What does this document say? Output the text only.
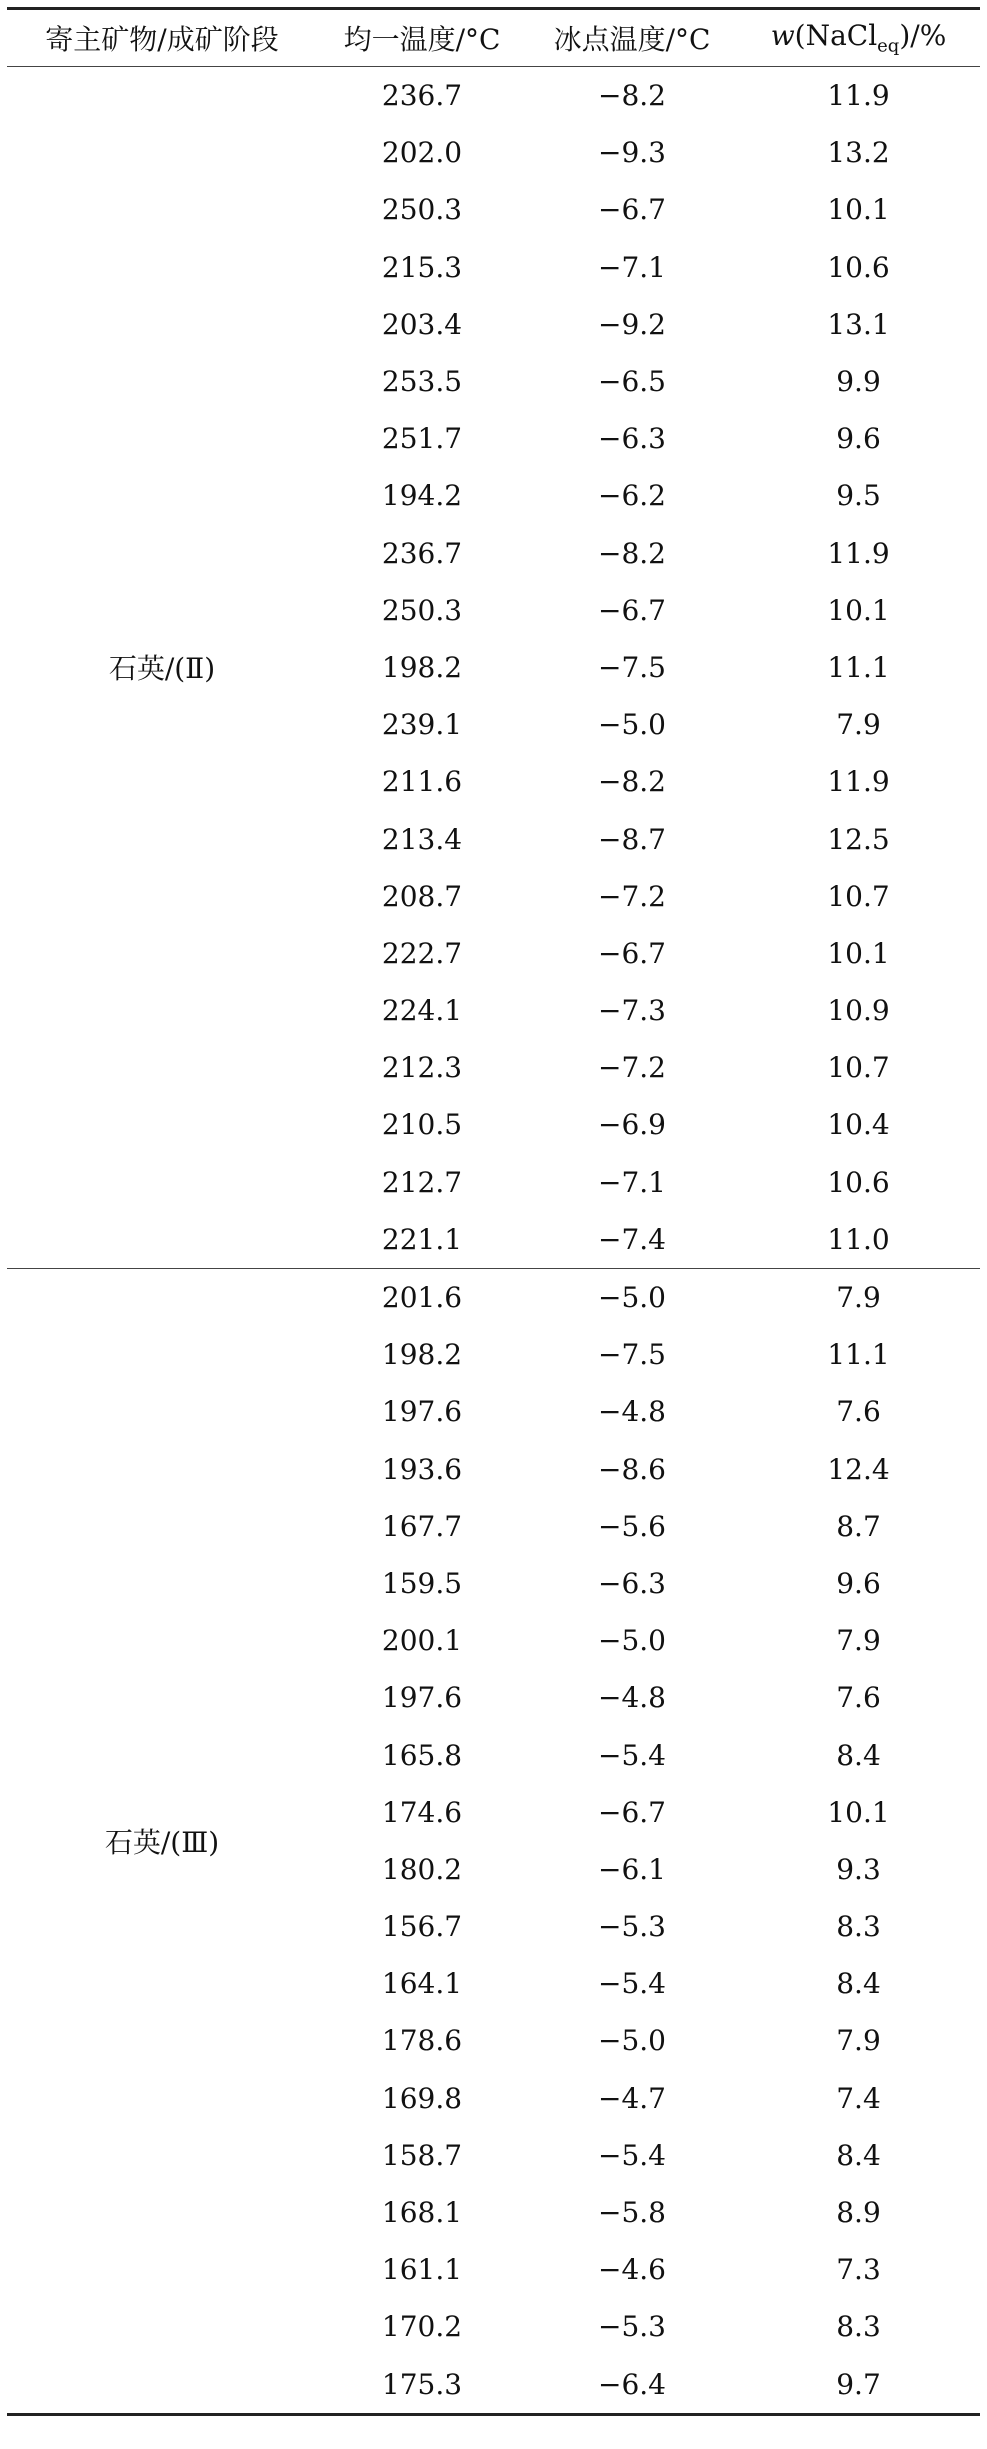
寄主矿物/成矿阶段	均一温度/°C	冰点温度/°C	w(NaCl$_{eq}$)/%
石英/(Ⅱ)
236.7	−8.2	11.9
202.0	−9.3	13.2
250.3	−6.7	10.1
215.3	−7.1	10.6
203.4	−9.2	13.1
253.5	−6.5	9.9
251.7	−6.3	9.6
194.2	−6.2	9.5
236.7	−8.2	11.9
250.3	−6.7	10.1
198.2	−7.5	11.1
239.1	−5.0	7.9
211.6	−8.2	11.9
213.4	−8.7	12.5
208.7	−7.2	10.7
222.7	−6.7	10.1
224.1	−7.3	10.9
212.3	−7.2	10.7
210.5	−6.9	10.4
212.7	−7.1	10.6
221.1	−7.4	11.0
石英/(Ⅲ)
201.6	−5.0	7.9
198.2	−7.5	11.1
197.6	−4.8	7.6
193.6	−8.6	12.4
167.7	−5.6	8.7
159.5	−6.3	9.6
200.1	−5.0	7.9
197.6	−4.8	7.6
165.8	−5.4	8.4
174.6	−6.7	10.1
180.2	−6.1	9.3
156.7	−5.3	8.3
164.1	−5.4	8.4
178.6	−5.0	7.9
169.8	−4.7	7.4
158.7	−5.4	8.4
168.1	−5.8	8.9
161.1	−4.6	7.3
170.2	−5.3	8.3
175.3	−6.4	9.7
